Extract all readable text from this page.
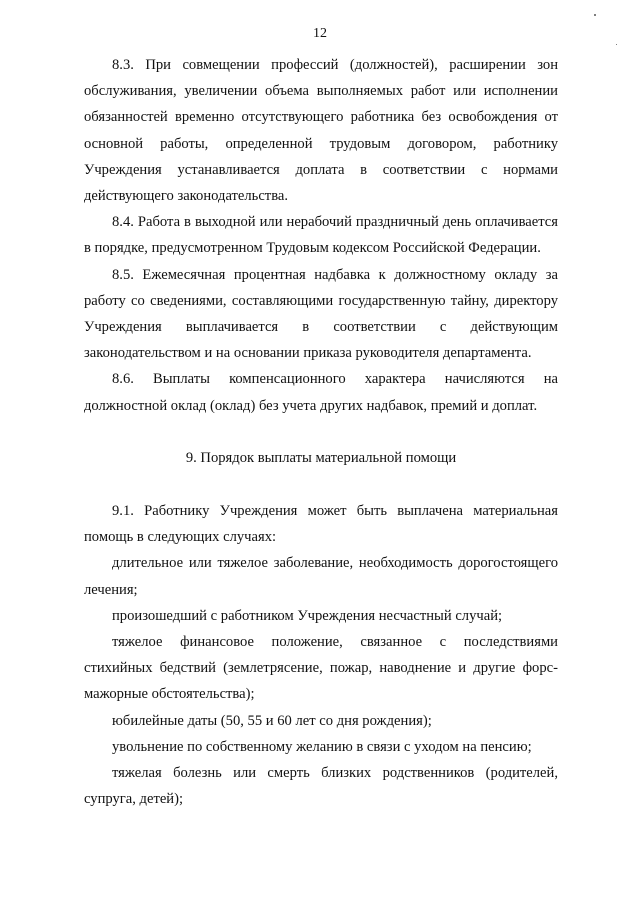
12

8.3. При совмещении профессий (должностей), расширении зон обслуживания, увеличении объема выполняемых работ или исполнении обязанностей временно отсутствующего работника без освобождения от основной работы, определенной трудовым договором, работнику Учреждения устанавливается доплата в соответствии с нормами действующего законодательства.

8.4. Работа в выходной или нерабочий праздничный день оплачивается в порядке, предусмотренном Трудовым кодексом Российской Федерации.

8.5. Ежемесячная процентная надбавка к должностному окладу за работу со сведениями, составляющими государственную тайну, директору Учреждения выплачивается в соответствии с действующим законодательством и на основании приказа руководителя департамента.

8.6. Выплаты компенсационного характера начисляются на должностной оклад (оклад) без учета других надбавок, премий и доплат.

9. Порядок выплаты материальной помощи

9.1. Работнику Учреждения может быть выплачена материальная помощь в следующих случаях:

длительное или тяжелое заболевание, необходимость дорогостоящего лечения;

произошедший с работником Учреждения несчастный случай;

тяжелое финансовое положение, связанное с последствиями стихийных бедствий (землетрясение, пожар, наводнение и другие форс-мажорные обстоятельства);

юбилейные даты (50, 55 и 60 лет со дня рождения);

увольнение по собственному желанию в связи с уходом на пенсию;

тяжелая болезнь или смерть близких родственников (родителей, супруга, детей);
